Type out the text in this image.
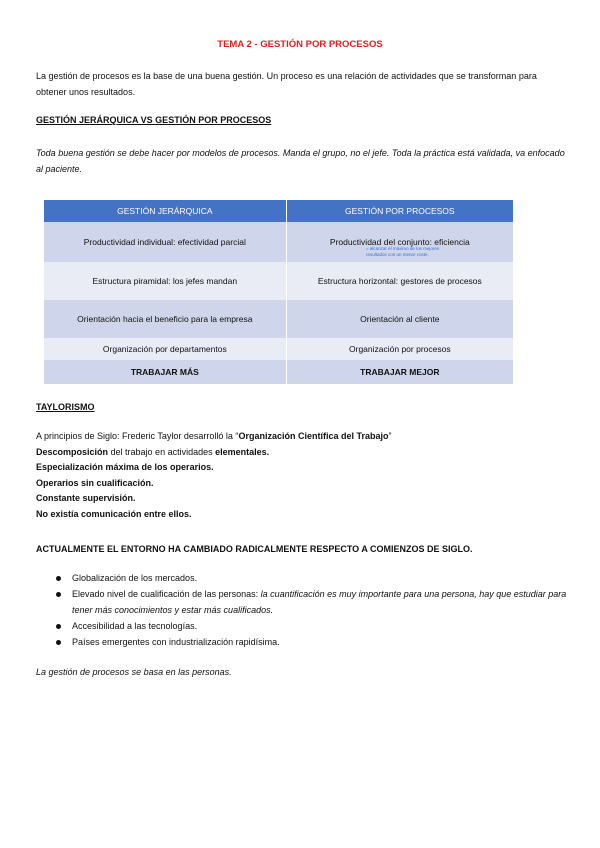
TEMA 2 - GESTIÓN POR PROCESOS
La gestión de procesos es la base de una buena gestión. Un proceso es una relación de actividades que se transforman para obtener unos resultados.
GESTIÓN JERÁRQUICA VS GESTIÓN POR PROCESOS
Toda buena gestión se debe hacer por modelos de procesos. Manda el grupo, no el jefe. Toda la práctica está validada, va enfocado al paciente.
GESTIÓN JERÁRQUICA	GESTIÓN POR PROCESOS
Productividad individual: efectividad parcial	Productividad del conjunto: eficiencia
Estructura piramidal: los jefes mandan	Estructura horizontal: gestores de procesos
Orientación hacia el beneficio para la empresa	Orientación al cliente
Organización por departamentos	Organización por procesos
TRABAJAR MÁS	TRABAJAR MEJOR
= alcanzar el máximo de los mejores
resultados con un menor coste.
TAYLORISMO
A principios de Siglo: Frederic Taylor desarrolló la “Organización Científica del Trabajo”
Descomposición del trabajo en actividades elementales.
Especialización máxima de los operarios.
Operarios sin cualificación.
Constante supervisión.
No existía comunicación entre ellos.
ACTUALMENTE EL ENTORNO HA CAMBIADO RADICALMENTE RESPECTO A COMIENZOS DE SIGLO.
Globalización de los mercados.
Elevado nivel de cualificación de las personas: la cuantificación es muy importante para una persona, hay que estudiar para tener más conocimientos y estar más cualificados.
Accesibilidad a las tecnologías.
Países emergentes con industrialización rapidísima.
La gestión de procesos se basa en las personas.
